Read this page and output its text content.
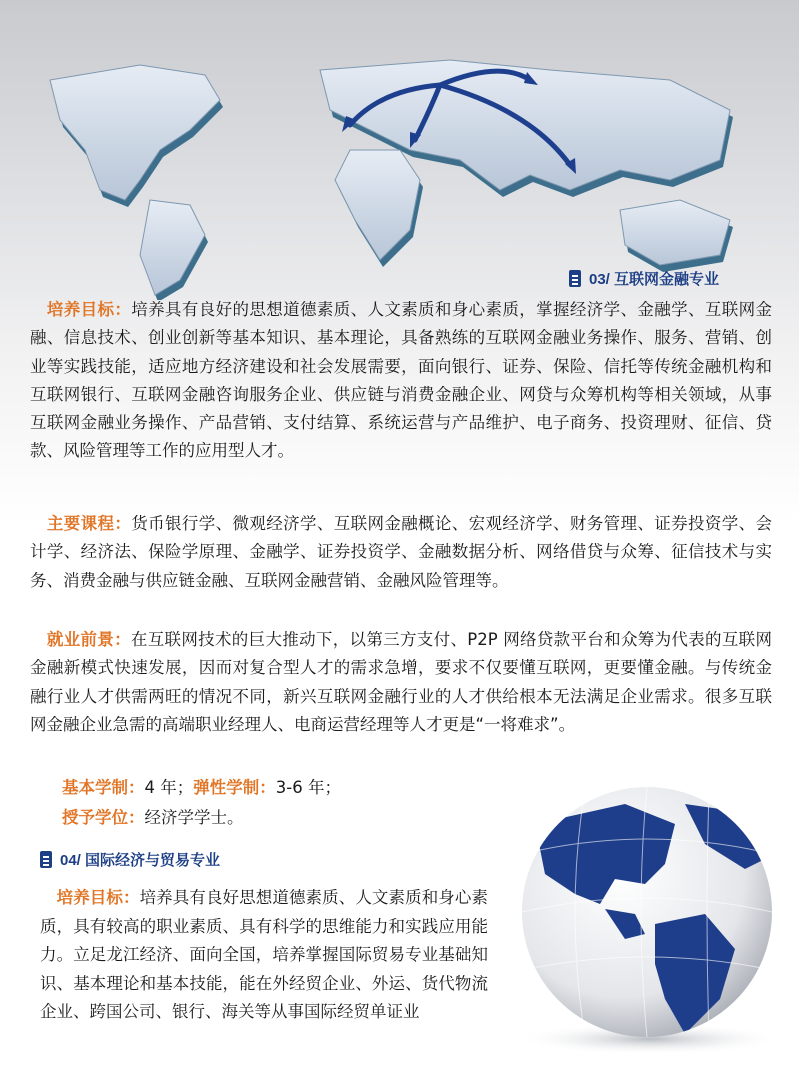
03/ 互联网金融专业

 培养目标：培养具有良好的思想道德素质、人文素质和身心素质，掌握经济学、金融学、互联网金融、信息技术、创业创新等基本知识、基本理论，具备熟练的互联网金融业务操作、服务、营销、创业等实践技能，适应地方经济建设和社会发展需要，面向银行、证券、保险、信托等传统金融机构和互联网银行、互联网金融咨询服务企业、供应链与消费金融企业、网贷与众筹机构等相关领域，从事互联网金融业务操作、产品营销、支付结算、系统运营与产品维护、电子商务、投资理财、征信、贷款、风险管理等工作的应用型人才。

 主要课程：货币银行学、微观经济学、互联网金融概论、宏观经济学、财务管理、证券投资学、会计学、经济法、保险学原理、金融学、证券投资学、金融数据分析、网络借贷与众筹、征信技术与实务、消费金融与供应链金融、互联网金融营销、金融风险管理等。

 就业前景：在互联网技术的巨大推动下，以第三方支付、P2P 网络贷款平台和众筹为代表的互联网金融新模式快速发展，因而对复合型人才的需求急增，要求不仅要懂互联网，更要懂金融。与传统金融行业人才供需两旺的情况不同，新兴互联网金融行业的人才供给根本无法满足企业需求。很多互联网金融企业急需的高端职业经理人、电商运营经理等人才更是“一将难求”。

基本学制：4 年；弹性学制：3-6 年；
授予学位：经济学学士。
04/ 国际经济与贸易专业

 培养目标：培养具有良好思想道德素质、人文素质和身心素质，具有较高的职业素质、具有科学的思维能力和实践应用能力。立足龙江经济、面向全国，培养掌握国际贸易专业基础知识、基本理论和基本技能，能在外经贸企业、外运、货代物流企业、跨国公司、银行、海关等从事国际经贸单证业
